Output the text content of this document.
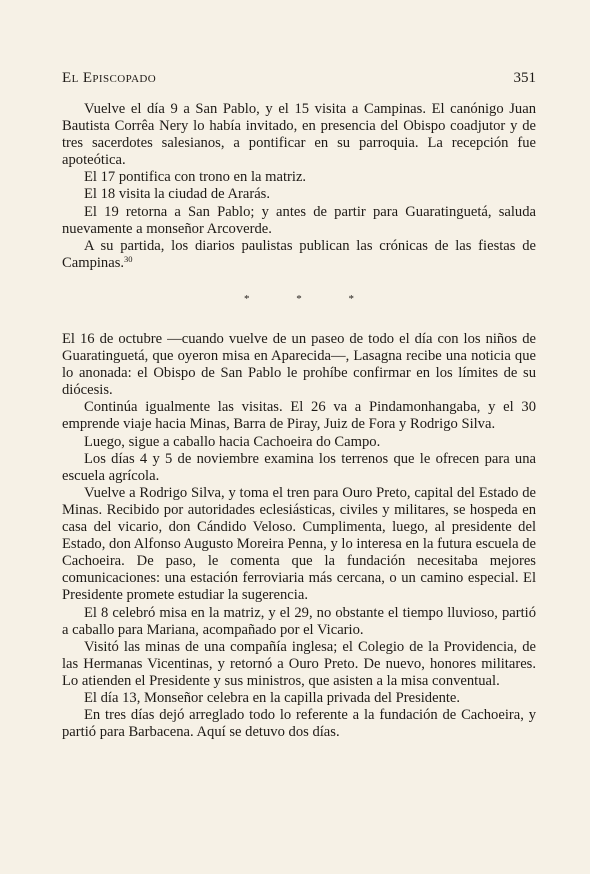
El Episcopado	351

Vuelve el día 9 a San Pablo, y el 15 visita a Campinas. El canónigo Juan Bautista Corrêa Nery lo había invitado, en presencia del Obispo coadjutor y de tres sacerdotes salesianos, a pontificar en su parroquia. La recepción fue apoteótica.

El 17 pontifica con trono en la matriz.

El 18 visita la ciudad de Ararás.

El 19 retorna a San Pablo; y antes de partir para Guaratinguetá, saluda nuevamente a monseñor Arcoverde.

A su partida, los diarios paulistas publican las crónicas de las fiestas de Campinas.$^{30}$

*	*	*

El 16 de octubre —cuando vuelve de un paseo de todo el día con los niños de Guaratinguetá, que oyeron misa en Aparecida—, Lasagna recibe una noticia que lo anonada: el Obispo de San Pablo le prohíbe confirmar en los límites de su diócesis.

Continúa igualmente las visitas. El 26 va a Pindamonhangaba, y el 30 emprende viaje hacia Minas, Barra de Piray, Juiz de Fora y Rodrigo Silva.

Luego, sigue a caballo hacia Cachoeira do Campo.

Los días 4 y 5 de noviembre examina los terrenos que le ofrecen para una escuela agrícola.

Vuelve a Rodrigo Silva, y toma el tren para Ouro Preto, capital del Estado de Minas. Recibido por autoridades eclesiásticas, civiles y militares, se hospeda en casa del vicario, don Cándido Veloso. Cumplimenta, luego, al presidente del Estado, don Alfonso Augusto Moreira Penna, y lo interesa en la futura escuela de Cachoeira. De paso, le comenta que la fundación necesitaba mejores comunicaciones: una estación ferroviaria más cercana, o un camino especial. El Presidente promete estudiar la sugerencia.

El 8 celebró misa en la matriz, y el 29, no obstante el tiempo lluvioso, partió a caballo para Mariana, acompañado por el Vicario.

Visitó las minas de una compañía inglesa; el Colegio de la Providencia, de las Hermanas Vicentinas, y retornó a Ouro Preto. De nuevo, honores militares. Lo atienden el Presidente y sus ministros, que asisten a la misa conventual.

El día 13, Monseñor celebra en la capilla privada del Presidente.

En tres días dejó arreglado todo lo referente a la fundación de Cachoeira, y partió para Barbacena. Aquí se detuvo dos días.
